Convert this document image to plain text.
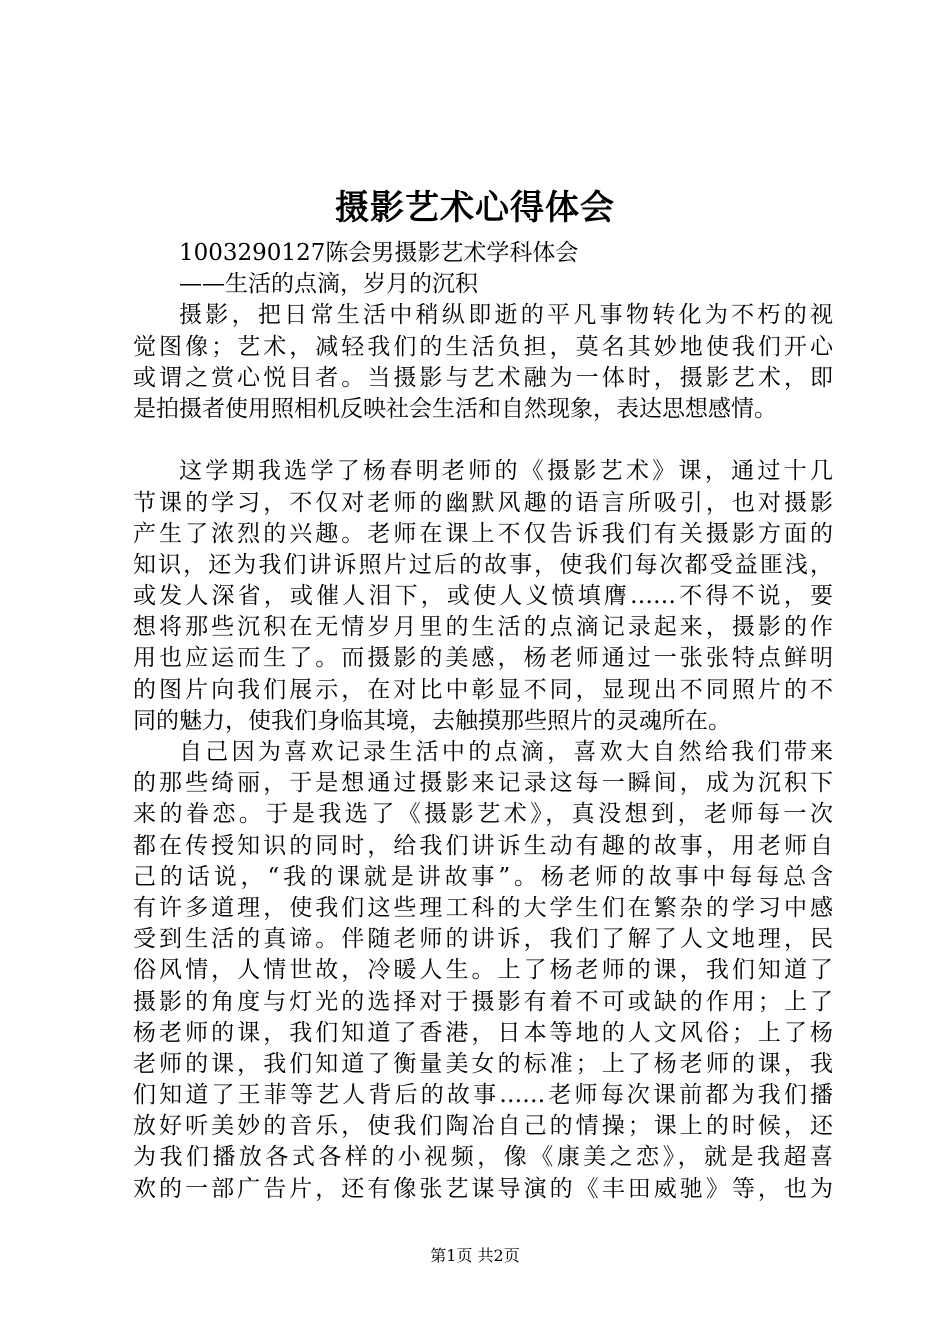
摄影艺术心得体会
1003290127陈会男摄影艺术学科体会
——生活的点滴，岁月的沉积
摄影，把日常生活中稍纵即逝的平凡事物转化为不朽的视
觉图像；艺术，减轻我们的生活负担，莫名其妙地使我们开心
或谓之赏心悦目者。当摄影与艺术融为一体时，摄影艺术，即
是拍摄者使用照相机反映社会生活和自然现象，表达思想感情。
这学期我选学了杨春明老师的《摄影艺术》课，通过十几
节课的学习，不仅对老师的幽默风趣的语言所吸引，也对摄影
产生了浓烈的兴趣。老师在课上不仅告诉我们有关摄影方面的
知识，还为我们讲诉照片过后的故事，使我们每次都受益匪浅，
或发人深省，或催人泪下，或使人义愤填膺……不得不说，要
想将那些沉积在无情岁月里的生活的点滴记录起来，摄影的作
用也应运而生了。而摄影的美感，杨老师通过一张张特点鲜明
的图片向我们展示，在对比中彰显不同，显现出不同照片的不
同的魅力，使我们身临其境，去触摸那些照片的灵魂所在。
自己因为喜欢记录生活中的点滴，喜欢大自然给我们带来
的那些绮丽，于是想通过摄影来记录这每一瞬间，成为沉积下
来的眷恋。于是我选了《摄影艺术》，真没想到，老师每一次
都在传授知识的同时，给我们讲诉生动有趣的故事，用老师自
己的话说，“我的课就是讲故事”。杨老师的故事中每每总含
有许多道理，使我们这些理工科的大学生们在繁杂的学习中感
受到生活的真谛。伴随老师的讲诉，我们了解了人文地理，民
俗风情，人情世故，冷暖人生。上了杨老师的课，我们知道了
摄影的角度与灯光的选择对于摄影有着不可或缺的作用；上了
杨老师的课，我们知道了香港，日本等地的人文风俗；上了杨
老师的课，我们知道了衡量美女的标准；上了杨老师的课，我
们知道了王菲等艺人背后的故事……老师每次课前都为我们播
放好听美妙的音乐，使我们陶冶自己的情操；课上的时候，还
为我们播放各式各样的小视频，像《康美之恋》，就是我超喜
欢的一部广告片，还有像张艺谋导演的《丰田威驰》等，也为
第1页 共2页
